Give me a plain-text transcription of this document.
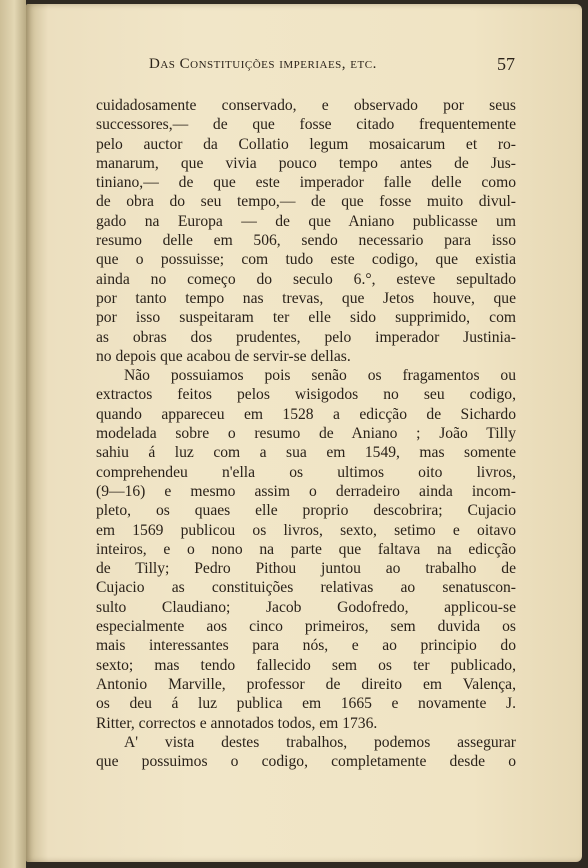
Das Constituições imperiaes, etc.	57
cuidadosamente conservado, e observado por seus
successores,— de que fosse citado frequentemente
pelo auctor da Collatio legum mosaicarum et ro-
manarum, que vivia pouco tempo antes de Jus-
tiniano,— de que este imperador falle delle como
de obra do seu tempo,— de que fosse muito divul-
gado na Europa — de que Aniano publicasse um
resumo delle em 506, sendo necessario para isso
que o possuisse; com tudo este codigo, que existia
ainda no começo do seculo 6.°, esteve sepultado
por tanto tempo nas trevas, que Jetos houve, que
por isso suspeitaram ter elle sido supprimido, com
as obras dos prudentes, pelo imperador Justinia-
no depois que acabou de servir-se dellas.
Não possuiamos pois senão os fragamentos ou
extractos feitos pelos wisigodos no seu codigo,
quando appareceu em 1528 a edicção de Sichardo
modelada sobre o resumo de Aniano ; João Tilly
sahiu á luz com a sua em 1549, mas somente
comprehendeu n'ella os ultimos oito livros,
(9—16) e mesmo assim o derradeiro ainda incom-
pleto, os quaes elle proprio descobrira; Cujacio
em 1569 publicou os livros, sexto, setimo e oitavo
inteiros, e o nono na parte que faltava na edicção
de Tilly; Pedro Pithou juntou ao trabalho de
Cujacio as constituições relativas ao senatuscon-
sulto Claudiano; Jacob Godofredo, applicou-se
especialmente aos cinco primeiros, sem duvida os
mais interessantes para nós, e ao principio do
sexto; mas tendo fallecido sem os ter publicado,
Antonio Marville, professor de direito em Valença,
os deu á luz publica em 1665 e novamente J.
Ritter, correctos e annotados todos, em 1736.
A' vista destes trabalhos, podemos assegurar
que possuimos o codigo, completamente desde o
